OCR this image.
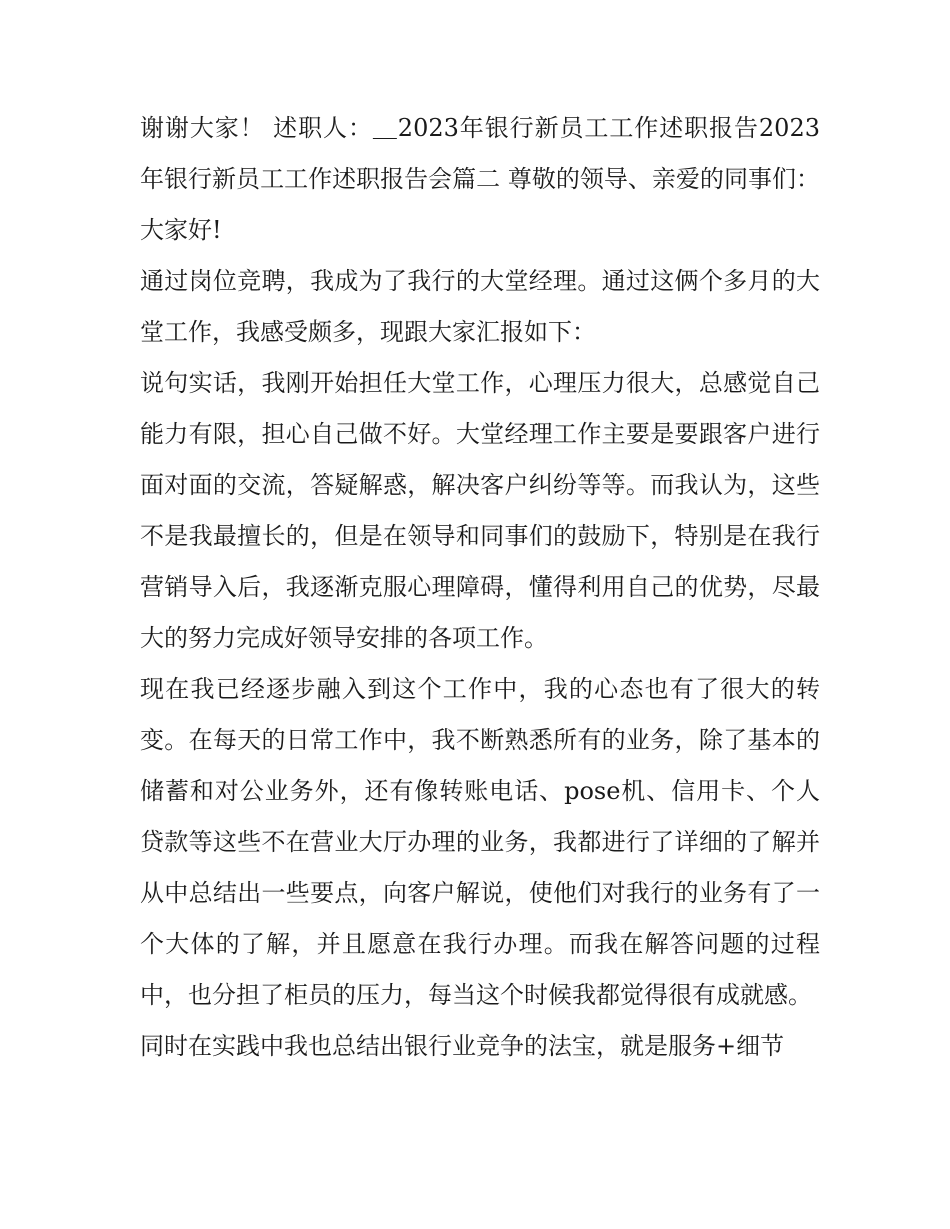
谢谢大家！ 述职人：＿2023年银行新员工工作述职报告2023年银行新员工工作述职报告会篇二 尊敬的领导、亲爱的同事们： 大家好!

通过岗位竞聘，我成为了我行的大堂经理。通过这俩个多月的大堂工作，我感受颇多，现跟大家汇报如下：

说句实话，我刚开始担任大堂工作，心理压力很大，总感觉自己能力有限，担心自己做不好。大堂经理工作主要是要跟客户进行面对面的交流，答疑解惑，解决客户纠纷等等。而我认为，这些不是我最擅长的，但是在领导和同事们的鼓励下，特别是在我行营销导入后，我逐渐克服心理障碍，懂得利用自己的优势，尽最大的努力完成好领导安排的各项工作。

现在我已经逐步融入到这个工作中，我的心态也有了很大的转变。在每天的日常工作中，我不断熟悉所有的业务，除了基本的储蓄和对公业务外，还有像转账电话、pose机、信用卡、个人贷款等这些不在营业大厅办理的业务，我都进行了详细的了解并从中总结出一些要点，向客户解说，使他们对我行的业务有了一个大体的了解，并且愿意在我行办理。而我在解答问题的过程中，也分担了柜员的压力，每当这个时候我都觉得很有成就感。

同时在实践中我也总结出银行业竞争的法宝，就是服务+细节
